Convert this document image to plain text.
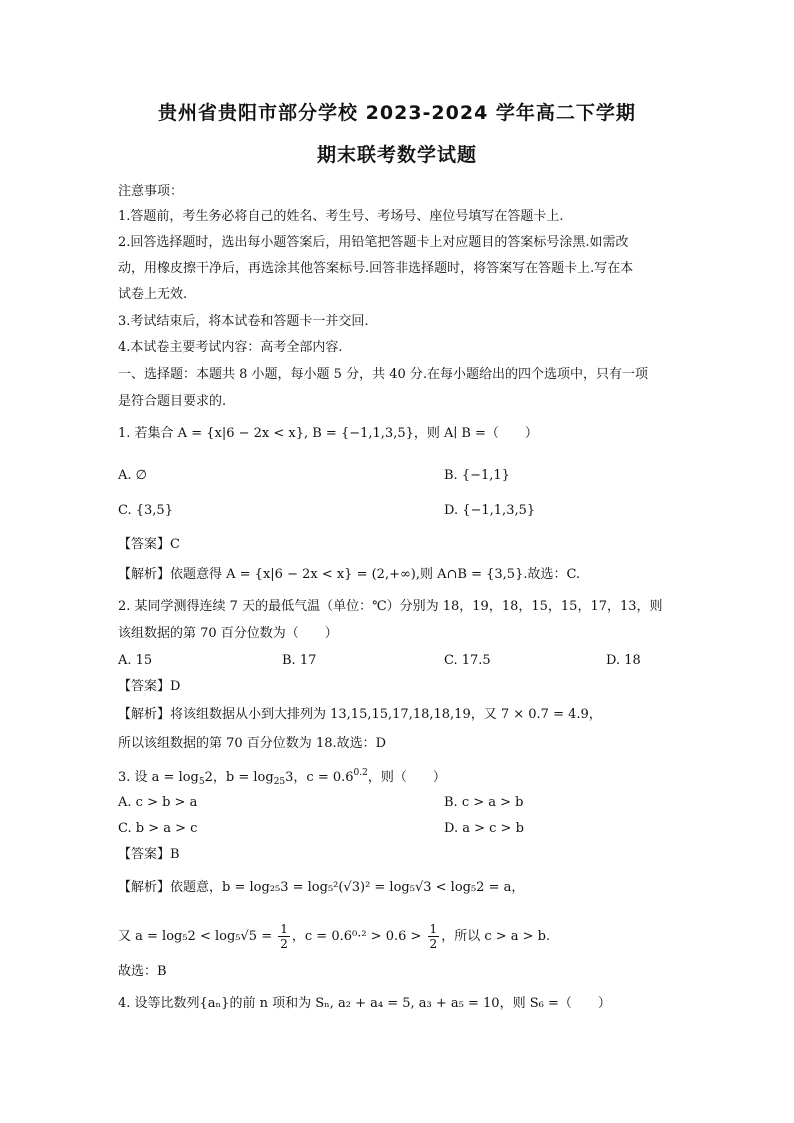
贵州省贵阳市部分学校 2023-2024 学年高二下学期
期末联考数学试题
注意事项：
1.答题前，考生务必将自己的姓名、考生号、考场号、座位号填写在答题卡上.
2.回答选择题时，选出每小题答案后，用铅笔把答题卡上对应题目的答案标号涂黑.如需改
动，用橡皮擦干净后，再选涂其他答案标号.回答非选择题时，将答案写在答题卡上.写在本
试卷上无效.
3.考试结束后，将本试卷和答题卡一并交回.
4.本试卷主要考试内容：高考全部内容.
一、选择题：本题共 8 小题，每小题 5 分，共 40 分.在每小题给出的四个选项中，只有一项
是符合题目要求的.
1. 若集合 A = {x|6 − 2x < x}, B = {−1,1,3,5}，则 A∣ B =（　　）
A. ∅	B. {−1,1}
C. {3,5}	D. {−1,1,3,5}
【答案】C
【解析】依题意得 A = {x|6 − 2x < x} = (2,+∞),则 A∩B = {3,5}.故选：C.
2. 某同学测得连续 7 天的最低气温（单位：℃）分别为 18，19，18，15，15，17，13，则
该组数据的第 70 百分位数为（　　）
A. 15	B. 17	C. 17.5	D. 18
【答案】D
【解析】将该组数据从小到大排列为 13,15,15,17,18,18,19，又 7 × 0.7 = 4.9，
所以该组数据的第 70 百分位数为 18.故选：D
3. 设 $a = \log_52$，$b = \log_{25}3$，$c = 0.6^{0.2}$，则（　　）
A. c > b > a	B. c > a > b
C. b > a > c	D. a > c > b
【答案】B
【解析】依题意，b = log₂₅3 = log₅²(√3)² = log₅√3 < log₅2 = a，
又 $a = \log_52 < \log_5√5 = \frac{1}{2}$ ，$c = 0.6^0\cdot^2 > 0.6 > \frac{1}{2}$ ，所以 c > a > b.
故选：B
4. 设等比数列{aₙ}的前 n 项和为 Sₙ, a₂ + a₄ = 5, a₃ + a₅ = 10，则 S₆ =（　　）
